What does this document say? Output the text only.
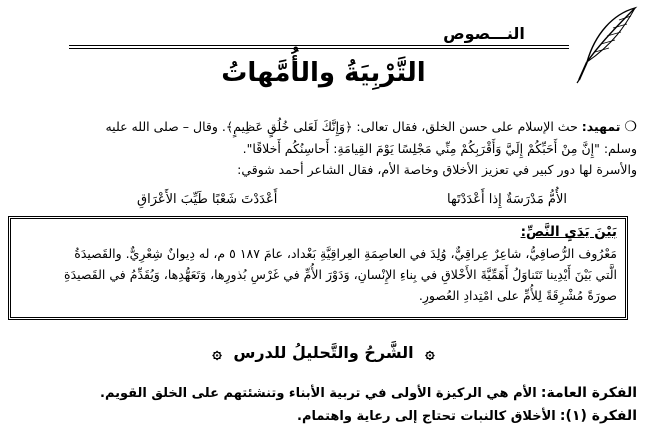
النـــصوص
التَّرْبِيَةُ والأُمَّهاتُ

❍ تمهيد: حث الإسلام على حسن الخلق، فقال تعالى: ﴿وَإِنَّكَ لَعَلى خُلُقٍ عَظِيمٍ﴾. وقال – صلى الله عليه

وسلم: "إِنَّ مِنْ أَحَبِّكُمْ إِلَيَّ وَأَقْرَبِكُمْ مِنِّي مَجْلِسًا يَوْمَ القِيامَةِ: أَحاسِنُكُم أَخلاقًا".

والأسرة لها دور كبير في تعزيز الأخلاق وخاصة الأم، فقال الشاعر أحمد شوقي:

الأُمُّ مَدْرَسَةٌ إِذا أَعْدَدْتَها
أَعْدَدْتَ شَعْبًا طَيِّبَ الأَعْرَاقِ

بَيْنَ يَدَيِ النَّصِّ:

مَعْرُوف الرُّصافِيُّ، شاعِرٌ عِراقِيٌّ، وُلِدَ في العاصِمَةِ العِراقِيَّةِ بَغْداد، عامَ ١٨٧ ٥ م، له دِيوانٌ شِعْرِيٌّ. والقَصيدَةُ

الَّتي بَيْنَ أَيْدِينا تَتَناوَلُ أَهَمِّيَّةَ الأَخْلاقِ في بِناءِ الإِنْسانِ، وَدَوْرَ الأُمِّ في غَرْسِ بُذورِها، وَتَعَهُّدِها، وَيُقَدِّمُ في القَصيدَةِ

صورَةً مُشْرِقَةً لِلأُمِّ على امْتِدادِ العُصورِ.

۞ الشَّرحُ والتَّحليلُ للدرس ۞
الفكرة العامة: الأم هي الركيزة الأولى في تربية الأبناء وتنشئتهم على الخلق القويم.
الفكرة (١): الأخلاق كالنبات تحتاج إلى رعاية واهتمام.
